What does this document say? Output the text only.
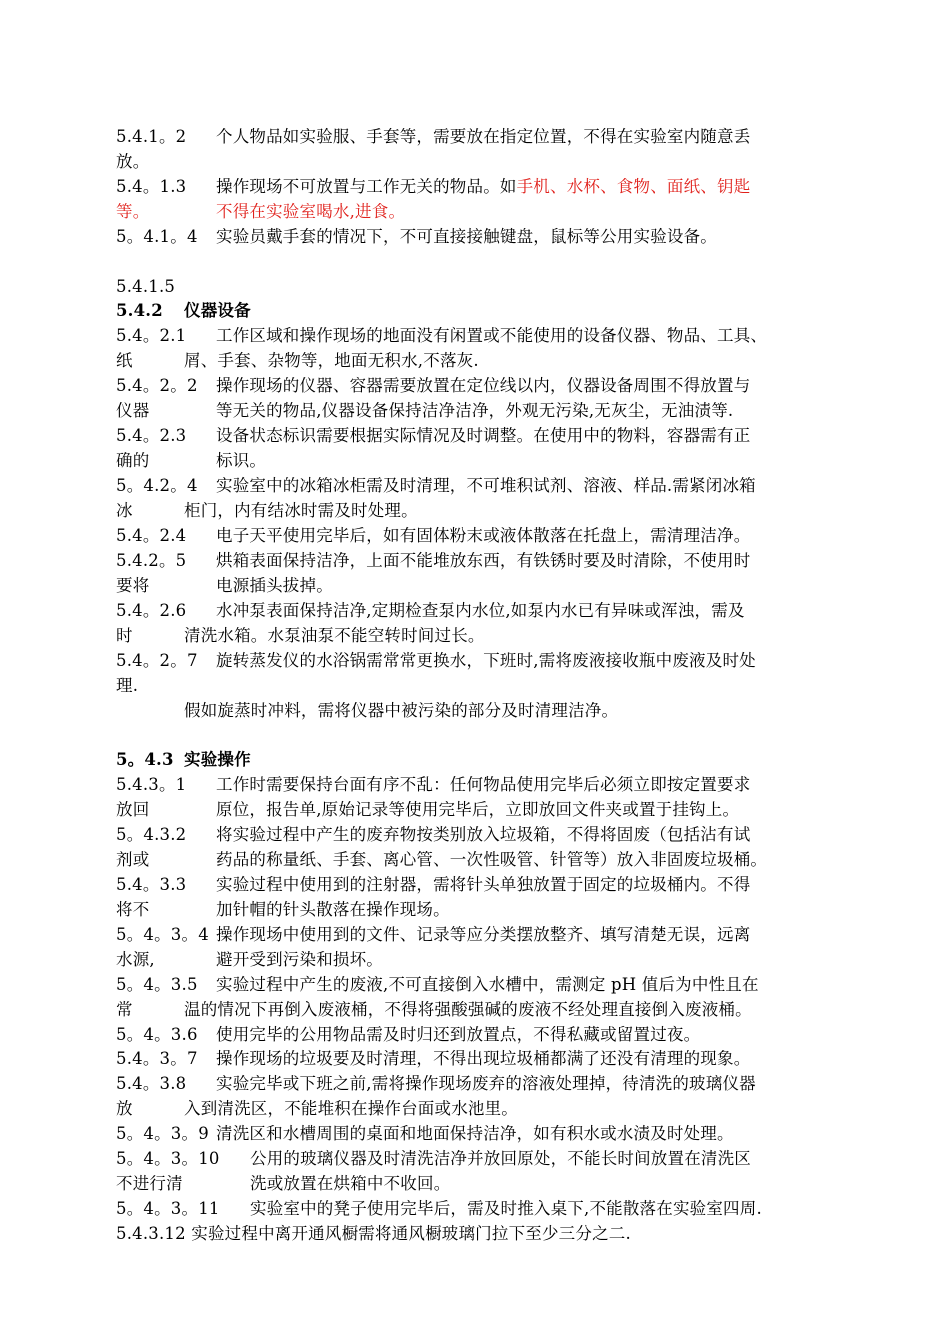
5.4.1。2 个人物品如实验服、手套等，需要放在指定位置，不得在实验室内随意丢
放。
5.4。1.3 操作现场不可放置与工作无关的物品。如手机、水杯、食物、面纸、钥匙
等。	不得在实验室喝水,进食。
5。4.1。4 实验员戴手套的情况下，不可直接接触键盘，鼠标等公用实验设备。
5.4.1.5
5.4.2 仪器设备
5.4。2.1 工作区域和操作现场的地面没有闲置或不能使用的设备仪器、物品、工具、
纸	屑、手套、杂物等，地面无积水,不落灰.
5.4。2。2 操作现场的仪器、容器需要放置在定位线以内，仪器设备周围不得放置与
仪器	等无关的物品,仪器设备保持洁净洁净，外观无污染,无灰尘，无油渍等.
5.4。2.3 设备状态标识需要根据实际情况及时调整。在使用中的物料，容器需有正
确的	标识。
5。4.2。4 实验室中的冰箱冰柜需及时清理，不可堆积试剂、溶液、样品.需紧闭冰箱
冰	柜门，内有结冰时需及时处理。
5.4。2.4 电子天平使用完毕后，如有固体粉末或液体散落在托盘上，需清理洁净。
5.4.2。5 烘箱表面保持洁净，上面不能堆放东西，有铁锈时要及时清除，不使用时
要将	电源插头拔掉。
5.4。2.6 水冲泵表面保持洁净,定期检查泵内水位,如泵内水已有异味或浑浊，需及
时	清洗水箱。水泵油泵不能空转时间过长。
5.4。2。7 旋转蒸发仪的水浴锅需常常更换水，下班时,需将废液接收瓶中废液及时处
理.
假如旋蒸时冲料，需将仪器中被污染的部分及时清理洁净。
5。4.3 实验操作
5.4.3。1 工作时需要保持台面有序不乱：任何物品使用完毕后必须立即按定置要求
放回	原位，报告单,原始记录等使用完毕后，立即放回文件夹或置于挂钩上。
5。4.3.2 将实验过程中产生的废弃物按类别放入垃圾箱，不得将固废（包括沾有试
剂或	药品的称量纸、手套、离心管、一次性吸管、针管等）放入非固废垃圾桶。
5.4。3.3 实验过程中使用到的注射器，需将针头单独放置于固定的垃圾桶内。不得
将不	加针帽的针头散落在操作现场。
5。4。3。4 操作现场中使用到的文件、记录等应分类摆放整齐、填写清楚无误，远离
水源,	避开受到污染和损坏。
5。4。3.5 实验过程中产生的废液,不可直接倒入水槽中，需测定 pH 值后为中性且在
常	温的情况下再倒入废液桶，不得将强酸强碱的废液不经处理直接倒入废液桶。
5。4。3.6 使用完毕的公用物品需及时归还到放置点，不得私藏或留置过夜。
5.4。3。7 操作现场的垃圾要及时清理，不得出现垃圾桶都满了还没有清理的现象。
5.4。3.8 实验完毕或下班之前,需将操作现场废弃的溶液处理掉，待清洗的玻璃仪器
放	入到清洗区，不能堆积在操作台面或水池里。
5。4。3。9 清洗区和水槽周围的桌面和地面保持洁净，如有积水或水渍及时处理。
5。4。3。10 公用的玻璃仪器及时清洗洁净并放回原处，不能长时间放置在清洗区
不进行清	洗或放置在烘箱中不收回。
5。4。3。11 实验室中的凳子使用完毕后，需及时推入桌下,不能散落在实验室四周.
5.4.3.12 实验过程中离开通风橱需将通风橱玻璃门拉下至少三分之二.
